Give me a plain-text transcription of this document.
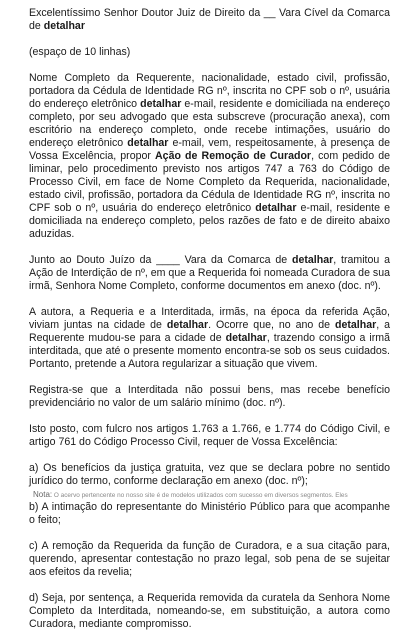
Excelentíssimo Senhor Doutor Juiz de Direito da __ Vara Cível da Comarca de detalhar

(espaço de 10 linhas)

Nome Completo da Requerente, nacionalidade, estado civil, profissão, portadora da Cédula de Identidade RG nº, inscrita no CPF sob o nº, usuária do endereço eletrônico detalhar e-mail, residente e domiciliada na endereço completo, por seu advogado que esta subscreve (procuração anexa), com escritório na endereço completo, onde recebe intimações, usuário do endereço eletrônico detalhar e-mail, vem, respeitosamente, à presença de Vossa Excelência, propor Ação de Remoção de Curador, com pedido de liminar, pelo procedimento previsto nos artigos 747 a 763 do Código de Processo Civil, em face de Nome Completo da Requerida, nacionalidade, estado civil, profissão, portadora da Cédula de Identidade RG nº, inscrita no CPF sob o nº, usuária do endereço eletrônico detalhar e-mail, residente e domiciliada na endereço completo, pelos razões de fato e de direito abaixo aduzidas.

Junto ao Douto Juízo da ____ Vara da Comarca de detalhar, tramitou a Ação de Interdição de nº, em que a Requerida foi nomeada Curadora de sua irmã, Senhora Nome Completo, conforme documentos em anexo (doc. nº).

A autora, a Requeria e a Interditada, irmãs, na época da referida Ação, viviam juntas na cidade de detalhar. Ocorre que, no ano de detalhar, a Requerente mudou-se para a cidade de detalhar, trazendo consigo a irmã interditada, que até o presente momento encontra-se sob os seus cuidados. Portanto, pretende a Autora regularizar a situação que vivem.

Registra-se que a Interditada não possui bens, mas recebe benefício previdenciário no valor de um salário mínimo (doc. nº).

Isto posto, com fulcro nos artigos 1.763 a 1.766, e 1.774 do Código Civil, e artigo 761 do Código Processo Civil, requer de Vossa Excelência:

a) Os benefícios da justiça gratuita, vez que se declara pobre no sentido jurídico do termo, conforme declaração em anexo (doc. nº);

b) A intimação do representante do Ministério Público para que acompanhe o feito;

c) A remoção da Requerida da função de Curadora, e a sua citação para, querendo, apresentar contestação no prazo legal, sob pena de se sujeitar aos efeitos da revelia;

d) Seja, por sentença, a Requerida removida da curatela da Senhora Nome Completo da Interditada, nomeando-se, em substituição, a autora como Curadora, mediante compromisso.

Nota: O acervo pertencente no nosso site é de modelos utilizados com sucesso em diversos segmentos. Eles
